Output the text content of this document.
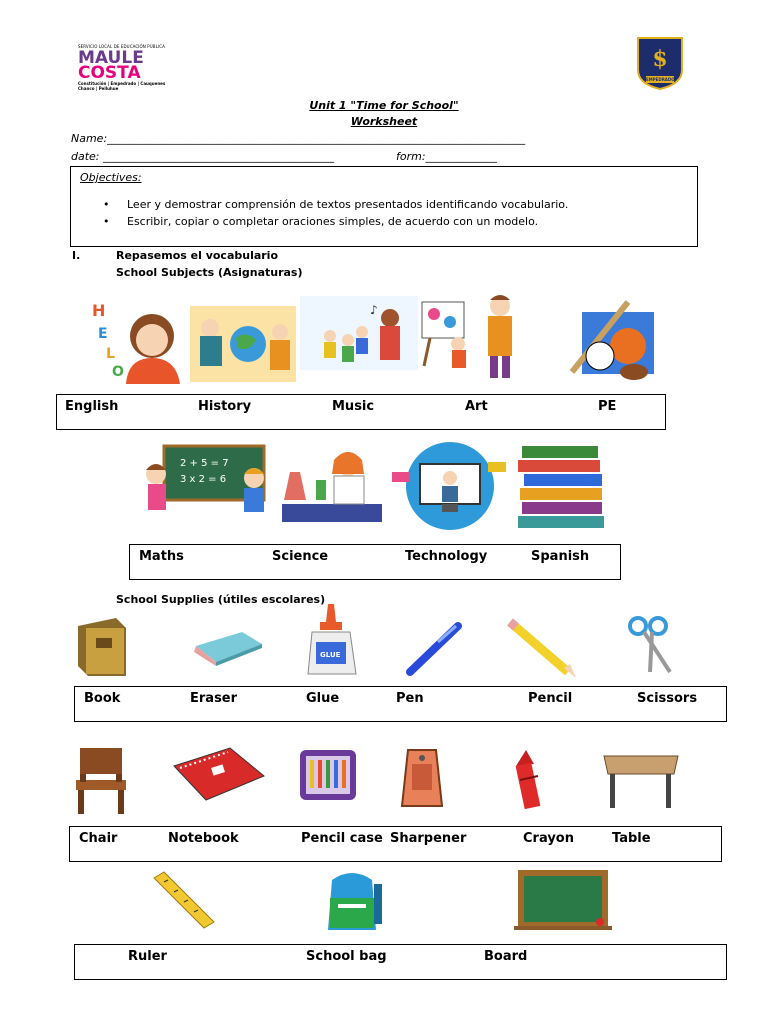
SERVICIO LOCAL DE EDUCACIÓN PÚBLICA
MAULE
COSTA
Constitución | Empedrado | Cauquenes
Chanco | Pelluhue
$
EMPEDRADO
Unit 1 "Time for School"
Worksheet
Name:____________________________________________________________________________
date: __________________________________________	form:_____________
Objectives:
• Leer y demostrar comprensión de textos presentados identificando vocabulario.
• Escribir, copiar o completar oraciones simples, de acuerdo con un modelo.
I.	Repasemos el vocabulario
School Subjects (Asignaturas)
H
E
L
O
♪
English	History	Music	Art	PE
2 + 5 = 7
3 x 2 = 6
Maths	Science	Technology	Spanish
School Supplies (útiles escolares)
GLUE
Book	Eraser	Glue	Pen	Pencil	Scissors
Chair	Notebook	Pencil case Sharpener	Crayon	Table
Ruler	School bag	Board
